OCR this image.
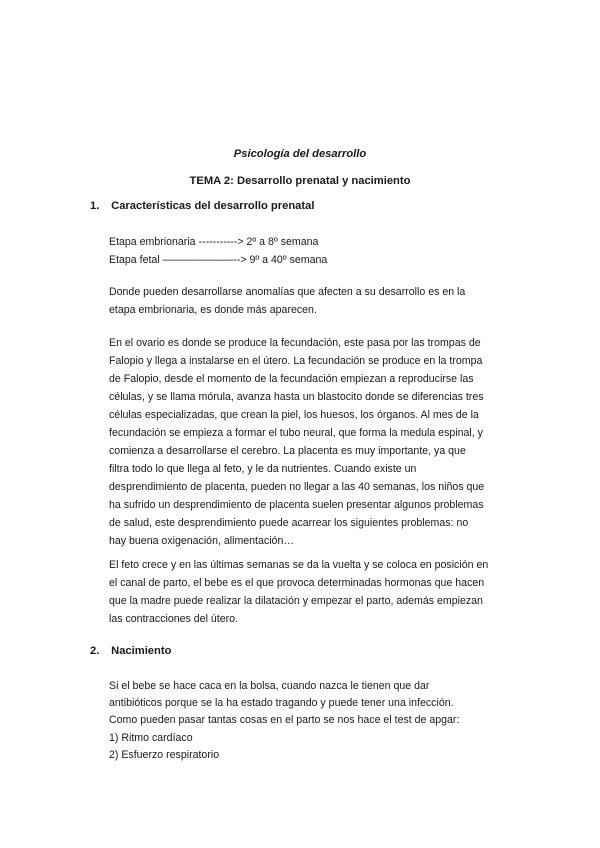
Psicología del desarrollo
TEMA 2: Desarrollo prenatal y nacimiento
1. Características del desarrollo prenatal
Etapa embrionaria -----------> 2º a 8º semana
Etapa fetal ––––––––––––--> 9º a 40º semana
Donde pueden desarrollarse anomalías que afecten a su desarrollo es en la
etapa embrionaria, es donde más aparecen.
En el ovario es donde se produce la fecundación, este pasa por las trompas de
Falopio y llega a instalarse en el útero. La fecundación se produce en la trompa
de Falopio, desde el momento de la fecundación empiezan a reproducirse las
células, y se llama mórula, avanza hasta un blastocito donde se diferencias tres
células especializadas, que crean la piel, los huesos, los órganos. Al mes de la
fecundación se empieza a formar el tubo neural, que forma la medula espinal, y
comienza a desarrollarse el cerebro. La placenta es muy importante, ya que
filtra todo lo que llega al feto, y le da nutrientes. Cuando existe un
desprendimiento de placenta, pueden no llegar a las 40 semanas, los niños que
ha sufrido un desprendimiento de placenta suelen presentar algunos problemas
de salud, este desprendimiento puede acarrear los siguientes problemas: no
hay buena oxigenación, alimentación…
El feto crece y en las últimas semanas se da la vuelta y se coloca en posición en
el canal de parto, el bebe es el que provoca determinadas hormonas que hacen
que la madre puede realizar la dilatación y empezar el parto, además empiezan
las contracciones del útero.
2. Nacimiento
Si el bebe se hace caca en la bolsa, cuando nazca le tienen que dar
antibióticos porque se la ha estado tragando y puede tener una infección.
Como pueden pasar tantas cosas en el parto se nos hace el test de apgar:
1) Ritmo cardíaco
2) Esfuerzo respiratorio
